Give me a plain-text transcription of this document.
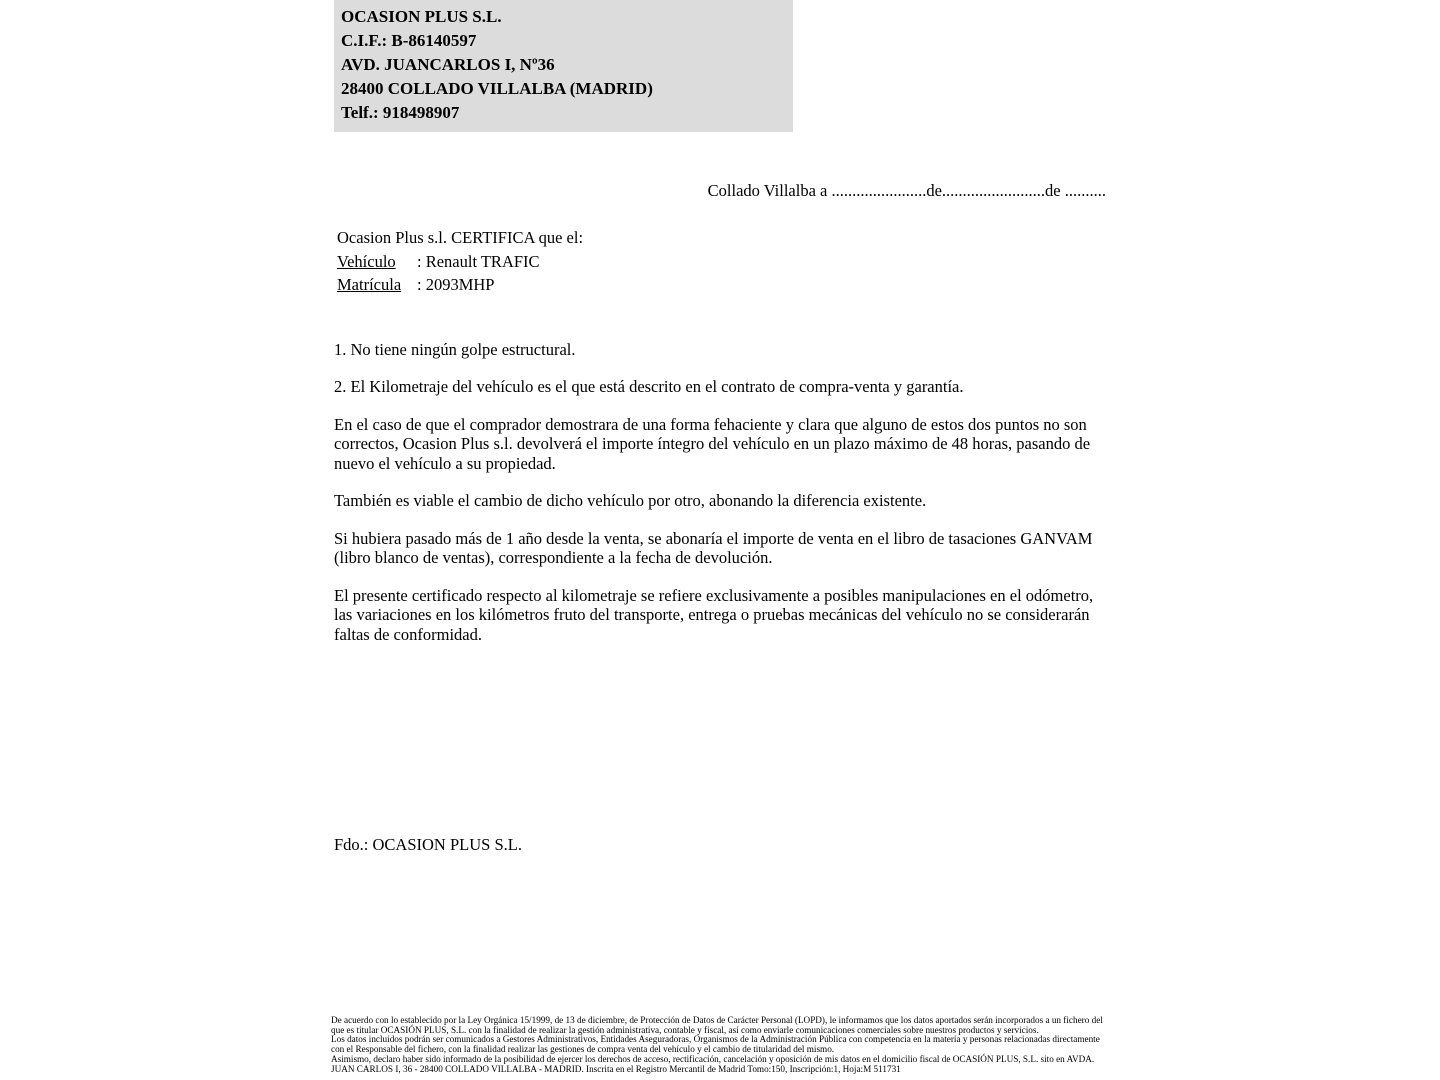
OCASION PLUS S.L.
C.I.F.: B-86140597
AVD. JUANCARLOS I, Nº36
28400 COLLADO VILLALBA (MADRID)
Telf.: 918498907
Collado Villalba a .......................de.........................de ..........
Ocasion Plus s.l. CERTIFICA que el:
Vehículo : Renault TRAFIC
Matrícula : 2093MHP

1. No tiene ningún golpe estructural.

2. El Kilometraje del vehículo es el que está descrito en el contrato de compra-venta y garantía.

En el caso de que el comprador demostrara de una forma fehaciente y clara que alguno de estos dos puntos no son correctos, Ocasion Plus s.l. devolverá el importe íntegro del vehículo en un plazo máximo de 48 horas, pasando de nuevo el vehículo a su propiedad.

También es viable el cambio de dicho vehículo por otro, abonando la diferencia existente.

Si hubiera pasado más de 1 año desde la venta, se abonaría el importe de venta en el libro de tasaciones GANVAM (libro blanco de ventas), correspondiente a la fecha de devolución.

El presente certificado respecto al kilometraje se refiere exclusivamente a posibles manipulaciones en el odómetro, las variaciones en los kilómetros fruto del transporte, entrega o pruebas mecánicas del vehículo no se considerarán faltas de conformidad.

Fdo.: OCASION PLUS S.L.

De acuerdo con lo establecido por la Ley Orgánica 15/1999, de 13 de diciembre, de Protección de Datos de Carácter Personal (LOPD), le informamos que los datos aportados serán incorporados a un fichero del que es titular OCASIÓN PLUS, S.L. con la finalidad de realizar la gestión administrativa, contable y fiscal, así como enviarle comunicaciones comerciales sobre nuestros productos y servicios.

Los datos incluidos podrán ser comunicados a Gestores Administrativos, Entidades Aseguradoras, Organismos de la Administración Pública con competencia en la materia y personas relacionadas directamente con el Responsable del fichero, con la finalidad realizar las gestiones de compra venta del vehículo y el cambio de titularidad del mismo.

Asimismo, declaro haber sido informado de la posibilidad de ejercer los derechos de acceso, rectificación, cancelación y oposición de mis datos en el domicilio fiscal de OCASIÓN PLUS, S.L. sito en AVDA. JUAN CARLOS I, 36 - 28400 COLLADO VILLALBA - MADRID. Inscrita en el Registro Mercantil de Madrid Tomo:150, Inscripción:1, Hoja:M 511731
